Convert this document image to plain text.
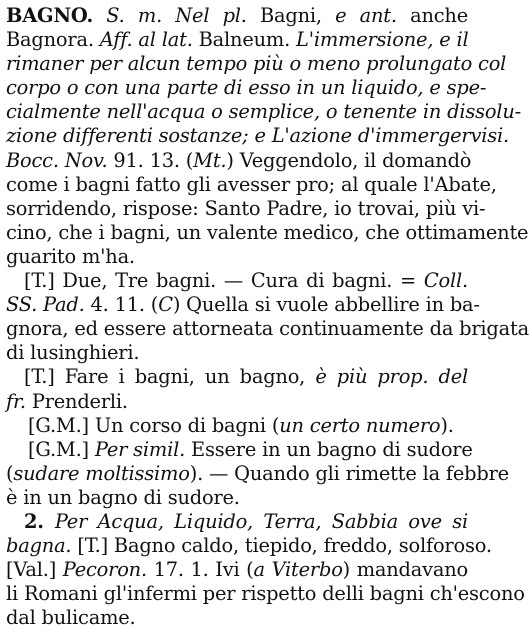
BAGNO. S. m. Nel pl. Bagni, e ant. anche
Bagnora. Aff. al lat. Balneum. L'immersione, e il
rimaner per alcun tempo più o meno prolungato col
corpo o con una parte di esso in un liquido, e spe-
cialmente nell'acqua o semplice, o tenente in dissolu-
zione differenti sostanze; e L'azione d'immergervisi.
Bocc. Nov. 91. 13. (Mt.) Veggendolo, il domandò
come i bagni fatto gli avesser pro; al quale l'Abate,
sorridendo, rispose: Santo Padre, io trovai, più vi-
cino, che i bagni, un valente medico, che ottimamente
guarito m'ha.
[T.] Due, Tre bagni. — Cura di bagni. = Coll.
SS. Pad. 4. 11. (C) Quella si vuole abbellire in ba-
gnora, ed essere attorneata continuamente da brigata
di lusinghieri.
[T.] Fare i bagni, un bagno, è più prop. del
fr. Prenderli.
[G.M.] Un corso di bagni (un certo numero).
[G.M.] Per simil. Essere in un bagno di sudore
(sudare moltissimo). — Quando gli rimette la febbre
è in un bagno di sudore.
2. Per Acqua, Liquido, Terra, Sabbia ove si
bagna. [T.] Bagno caldo, tiepido, freddo, solforoso.
[Val.] Pecoron. 17. 1. Ivi (a Viterbo) mandavano
li Romani gl'infermi per rispetto delli bagni ch'escono
dal bulicame.
